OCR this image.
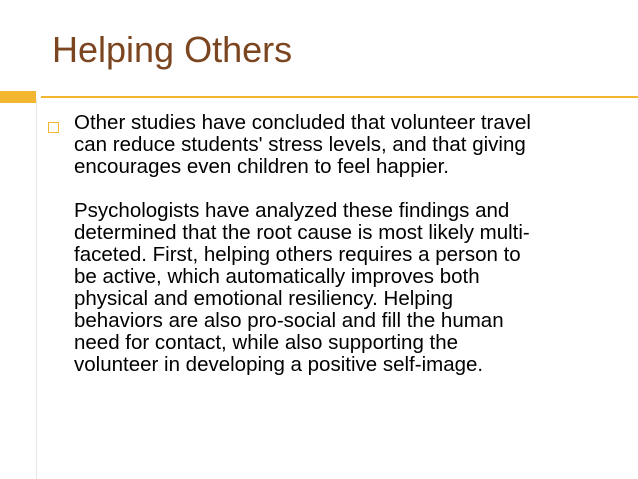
Helping Others

Other studies have concluded that volunteer travel
can reduce students' stress levels, and that giving
encourages even children to feel happier.

Psychologists have analyzed these findings and
determined that the root cause is most likely multi-
faceted. First, helping others requires a person to
be active, which automatically improves both
physical and emotional resiliency. Helping
behaviors are also pro-social and fill the human
need for contact, while also supporting the
volunteer in developing a positive self-image.
